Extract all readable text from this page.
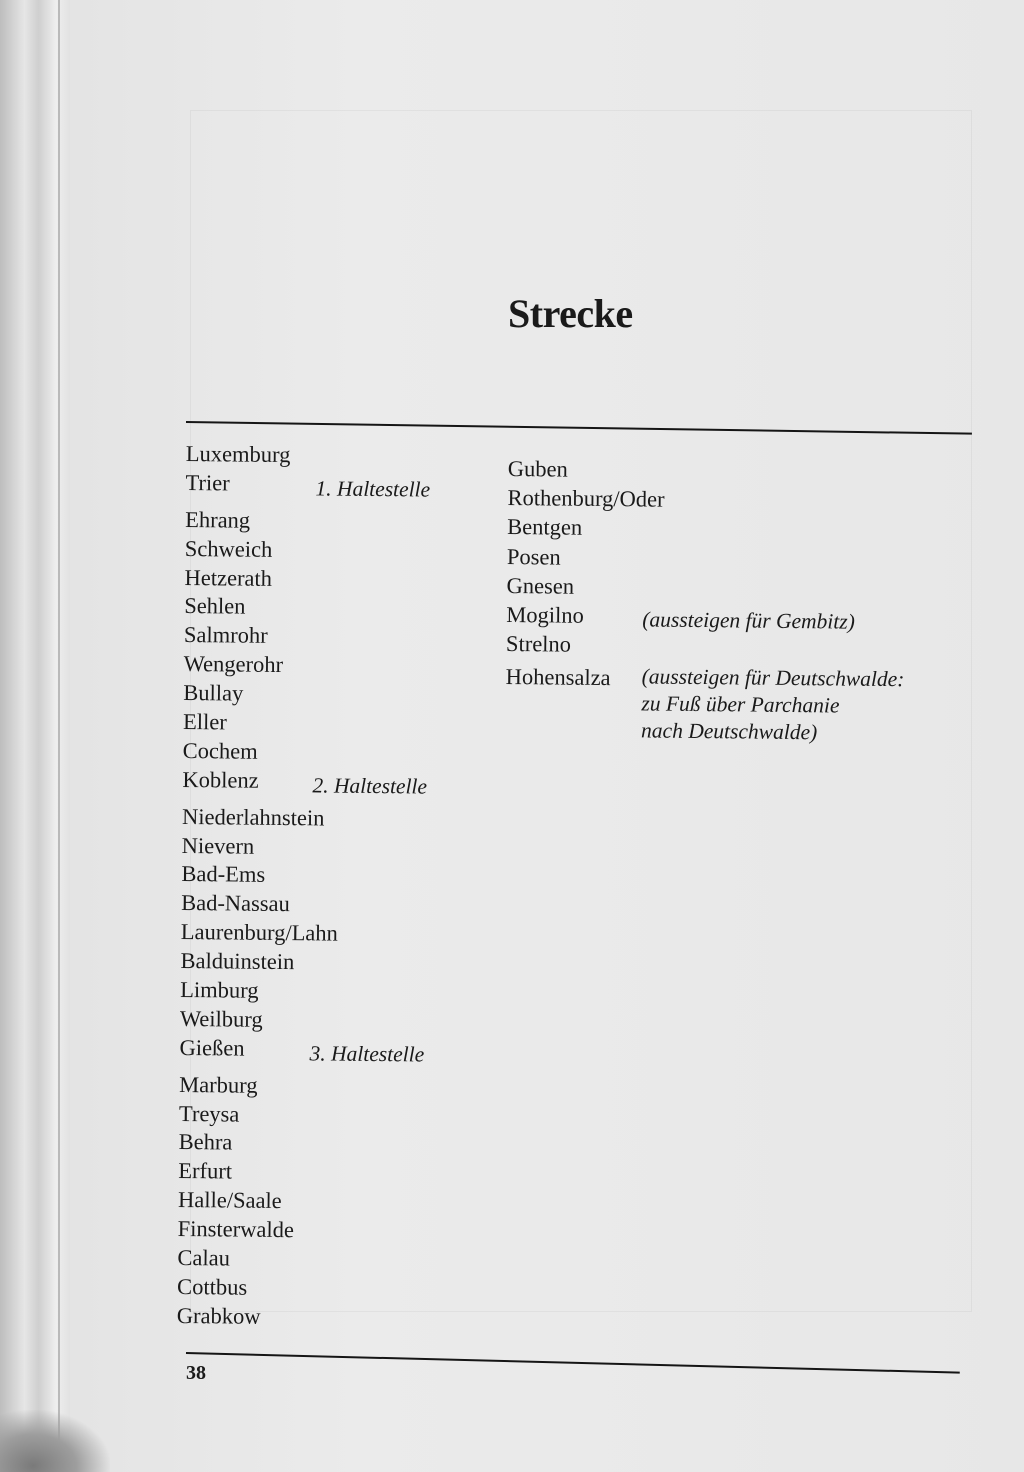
Strecke
Luxemburg
Trier	1. Haltestelle
Ehrang
Schweich
Hetzerath
Sehlen
Salmrohr
Wengerohr
Bullay
Eller
Cochem
Koblenz 2. Haltestelle
Niederlahnstein
Nievern
Bad-Ems
Bad-Nassau
Laurenburg/Lahn
Balduinstein
Limburg
Weilburg
Gießen	3. Haltestelle
Marburg
Treysa
Behra
Erfurt
Halle/Saale
Finsterwalde
Calau
Cottbus
Grabkow
Guben
Rothenburg/Oder
Bentgen
Posen
Gnesen
Mogilno	(aussteigen für Gembitz)
Strelno
Hohensalza (aussteigen für Deutschwalde:
zu Fuß über Parchanie
nach Deutschwalde)
38
